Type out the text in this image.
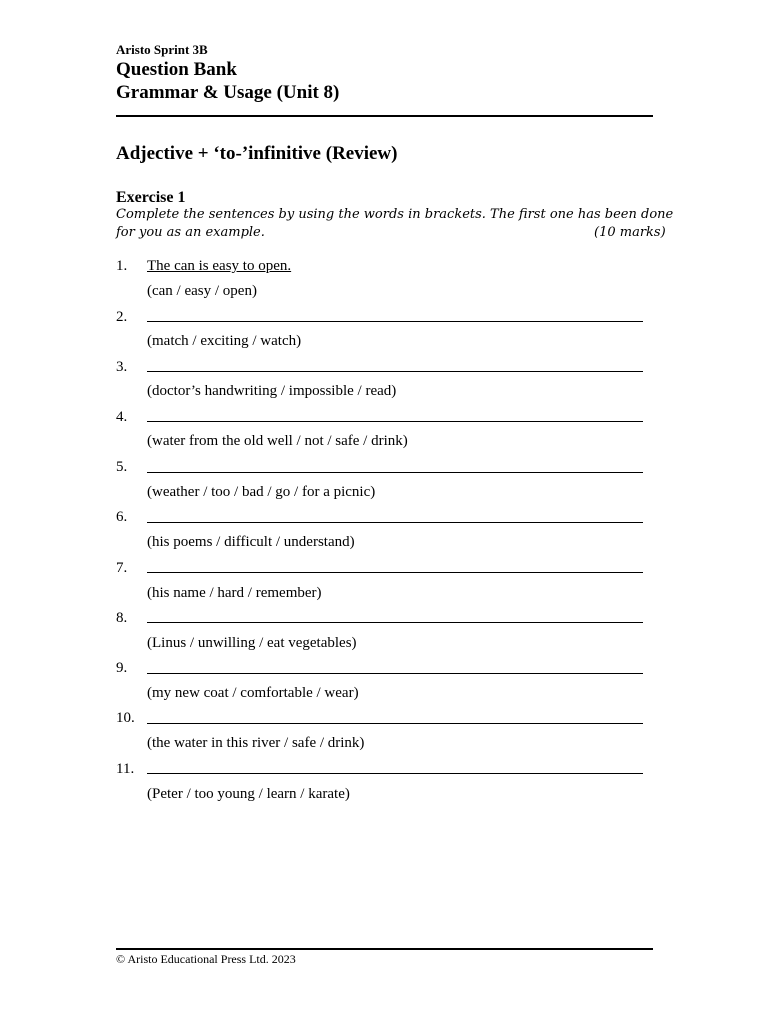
Aristo Sprint 3B
Question Bank
Grammar & Usage (Unit 8)
Adjective + ‘to-’infinitive (Review)
Exercise 1
Complete the sentences by using the words in brackets. The first one has been done
for you as an example.	(10 marks)
1.	The can is easy to open.
(can / easy / open)
2.
(match / exciting / watch)
3.
(doctor’s handwriting / impossible / read)
4.
(water from the old well / not / safe / drink)
5.
(weather / too / bad / go / for a picnic)
6.
(his poems / difficult / understand)
7.
(his name / hard / remember)
8.
(Linus / unwilling / eat vegetables)
9.
(my new coat / comfortable / wear)
10.
(the water in this river / safe / drink)
11.
(Peter / too young / learn / karate)
© Aristo Educational Press Ltd. 2023
